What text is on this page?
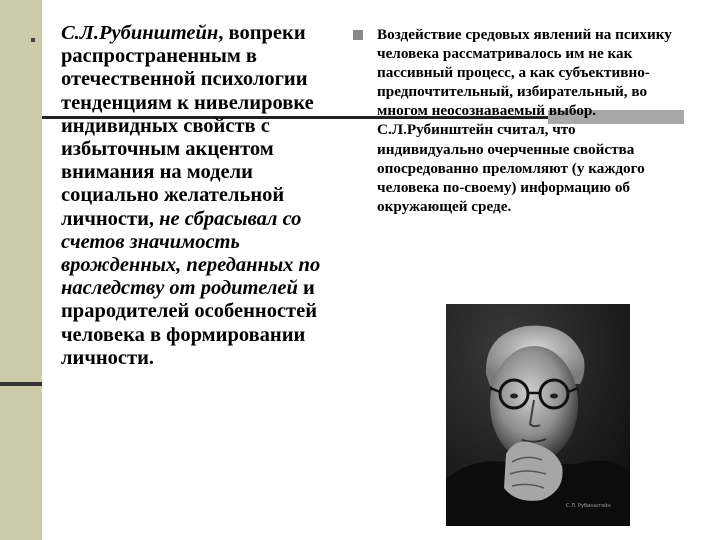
С.Л.Рубинштейн, вопреки распространенным в отечественной психологии тенденциям к нивелировке индивидных свойств с избыточным акцентом внимания на модели социально желательной личности, не сбрасывал со счетов значимость врожденных, переданных по наследству от родителей и прародителей особенностей человека в формировании личности.
Воздействие средовых явлений на психику человека рассматривалось им не как пассивный процесс, а как субъективно-предпочтительный, избирательный, во многом неосознаваемый выбор. С.Л.Рубинштейн считал, что индивидуально очерченные свойства опосредованно преломляют (у каждого человека по-своему) информацию об окружающей среде.
С.Л. Рубинштейн
